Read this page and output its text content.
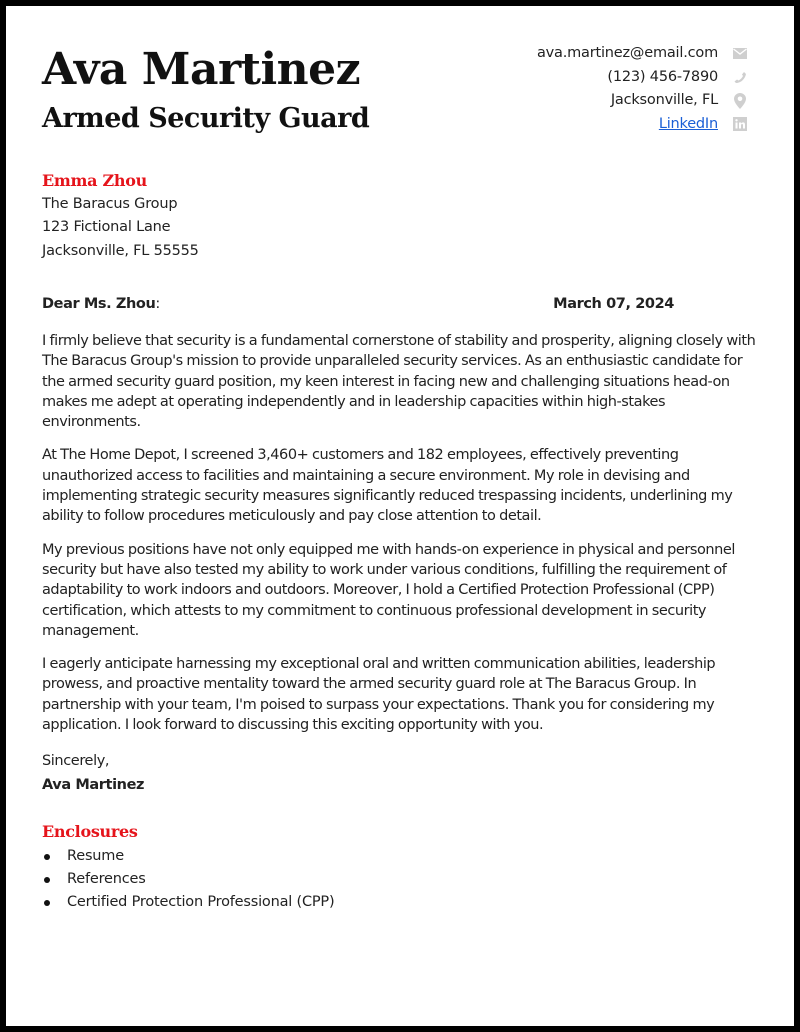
Ava Martinez
Armed Security Guard
ava.martinez@email.com
(123) 456-7890
Jacksonville, FL
LinkedIn
Emma Zhou
The Baracus Group
123 Fictional Lane
Jacksonville, FL 55555
Dear Ms. Zhou:	March 07, 2024

I firmly believe that security is a fundamental cornerstone of stability and prosperity, aligning closely with The Baracus Group's mission to provide unparalleled security services. As an enthusiastic candidate for the armed security guard position, my keen interest in facing new and challenging situations head-on makes me adept at operating independently and in leadership capacities within high-stakes environments.

At The Home Depot, I screened 3,460+ customers and 182 employees, effectively preventing unauthorized access to facilities and maintaining a secure environment. My role in devising and implementing strategic security measures significantly reduced trespassing incidents, underlining my ability to follow procedures meticulously and pay close attention to detail.

My previous positions have not only equipped me with hands-on experience in physical and personnel security but have also tested my ability to work under various conditions, fulfilling the requirement of adaptability to work indoors and outdoors. Moreover, I hold a Certified Protection Professional (CPP) certification, which attests to my commitment to continuous professional development in security management.

I eagerly anticipate harnessing my exceptional oral and written communication abilities, leadership prowess, and proactive mentality toward the armed security guard role at The Baracus Group. In partnership with your team, I'm poised to surpass your expectations. Thank you for considering my application. I look forward to discussing this exciting opportunity with you.

Sincerely,
Ava Martinez
Enclosures
Resume
References
Certified Protection Professional (CPP)
